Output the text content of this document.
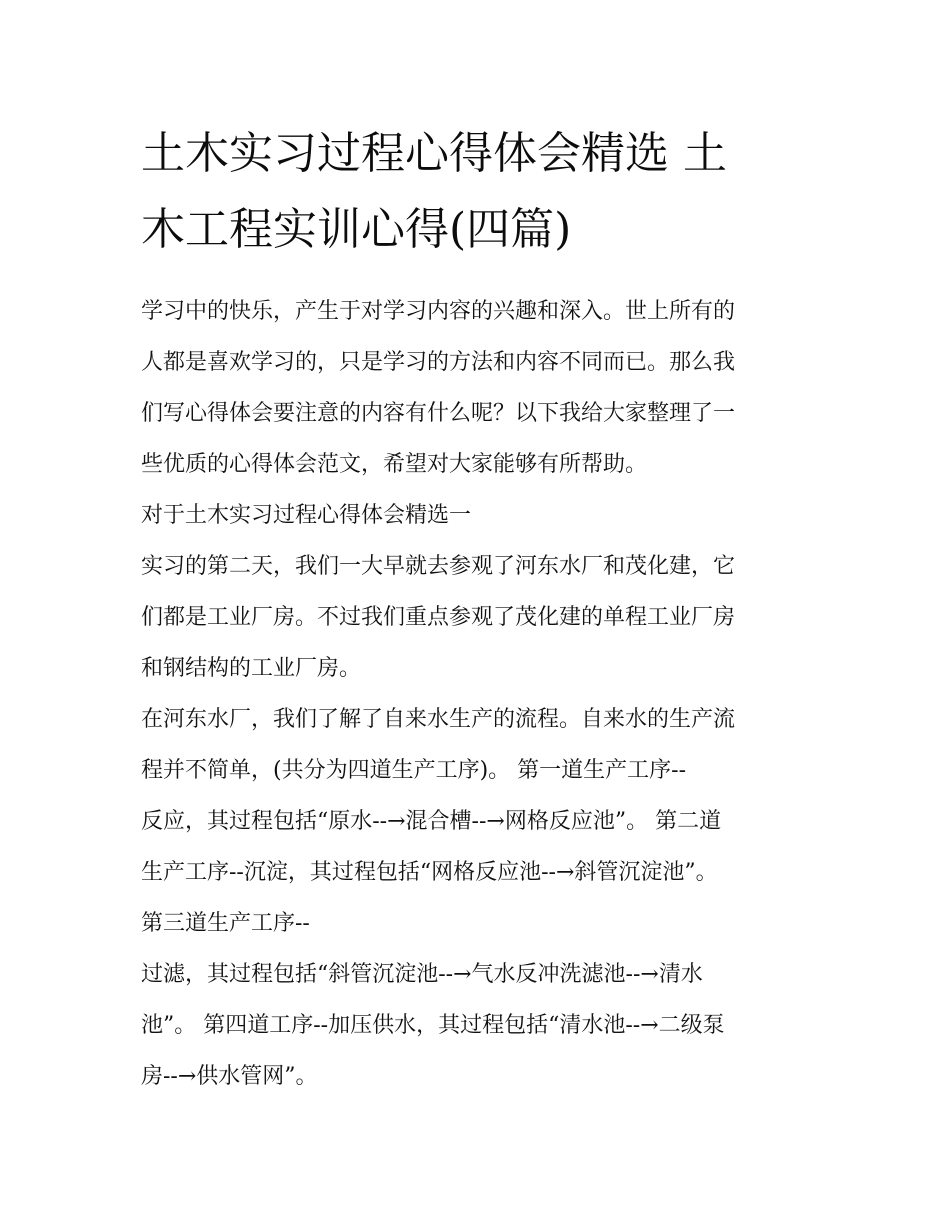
土木实习过程心得体会精选 土
木工程实训心得(四篇)
学习中的快乐，产生于对学习内容的兴趣和深入。世上所有的
人都是喜欢学习的，只是学习的方法和内容不同而已。那么我
们写心得体会要注意的内容有什么呢？以下我给大家整理了一
些优质的心得体会范文，希望对大家能够有所帮助。
对于土木实习过程心得体会精选一
实习的第二天，我们一大早就去参观了河东水厂和茂化建，它
们都是工业厂房。不过我们重点参观了茂化建的单程工业厂房
和钢结构的工业厂房。
在河东水厂，我们了解了自来水生产的流程。自来水的生产流
程并不简单，(共分为四道生产工序)。 第一道生产工序--
反应，其过程包括“原水--→混合槽--→网格反应池”。 第二道
生产工序--沉淀，其过程包括“网格反应池--→斜管沉淀池”。
第三道生产工序--
过滤，其过程包括“斜管沉淀池--→气水反冲洗滤池--→清水
池”。 第四道工序--加压供水，其过程包括“清水池--→二级泵
房--→供水管网”。
